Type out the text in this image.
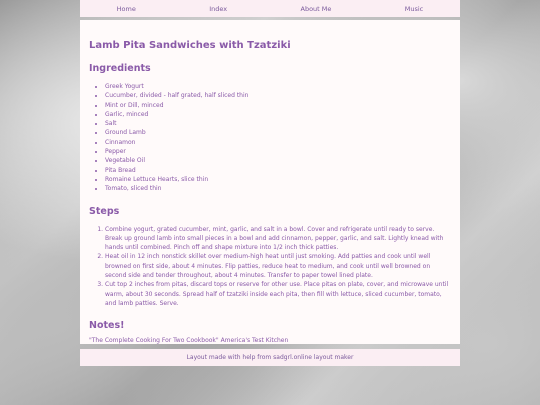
Home	Index	About Me	Music
Lamb Pita Sandwiches with Tzatziki
Ingredients
• Greek Yogurt
• Cucumber, divided - half grated, half sliced thin
• Mint or Dill, minced
• Garlic, minced
• Salt
• Ground Lamb
• Cinnamon
• Pepper
• Vegetable Oil
• Pita Bread
• Romaine Lettuce Hearts, slice thin
• Tomato, sliced thin
Steps
1. Combine yogurt, grated cucumber, mint, garlic, and salt in a bowl. Cover and refrigerate until ready to serve. Break up ground lamb into small pieces in a bowl and add cinnamon, pepper, garlic, and salt. Lightly knead with hands until combined. Pinch off and shape mixture into 1/2 inch thick patties.
2. Heat oil in 12 inch nonstick skillet over medium-high heat until just smoking. Add patties and cook until well browned on first side, about 4 minutes. Flip patties, reduce heat to medium, and cook until well browned on second side and tender throughout, about 4 minutes. Transfer to paper towel lined plate.
3. Cut top 2 inches from pitas, discard tops or reserve for other use. Place pitas on plate, cover, and microwave until warm, about 30 seconds. Spread half of tzatziki inside each pita, then fill with lettuce, sliced cucumber, tomato, and lamb patties. Serve.
Notes!
"The Complete Cooking For Two Cookbook" America's Test Kitchen
Layout made with help from sadgrl.online layout maker
